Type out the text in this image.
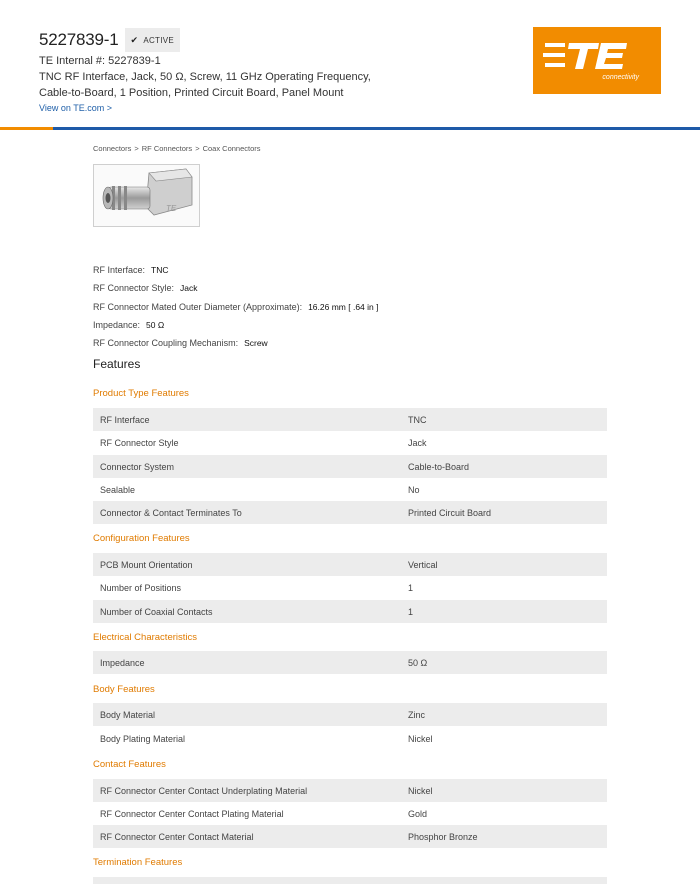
5227839-1 ✔ ACTIVE
TE Internal #: 5227839-1
TNC RF Interface, Jack, 50 Ω, Screw, 11 GHz Operating Frequency, Cable-to-Board, 1 Position, Printed Circuit Board, Panel Mount
View on TE.com >
connectivity
Connectors > RF Connectors > Coax Connectors
TE
RF Interface: TNC
RF Connector Style: Jack
RF Connector Mated Outer Diameter (Approximate): 16.26 mm [ .64 in ]
Impedance: 50 Ω
RF Connector Coupling Mechanism: Screw
Features
Product Type Features
RF Interface	TNC
RF Connector Style	Jack
Connector System	Cable-to-Board
Sealable	No
Connector & Contact Terminates To	Printed Circuit Board
Configuration Features
PCB Mount Orientation	Vertical
Number of Positions	1
Number of Coaxial Contacts	1
Electrical Characteristics
Impedance	50 Ω
Body Features
Body Material	Zinc
Body Plating Material	Nickel
Contact Features
RF Connector Center Contact Underplating Material	Nickel
RF Connector Center Contact Plating Material	Gold
RF Connector Center Contact Material	Phosphor Bronze
Termination Features
